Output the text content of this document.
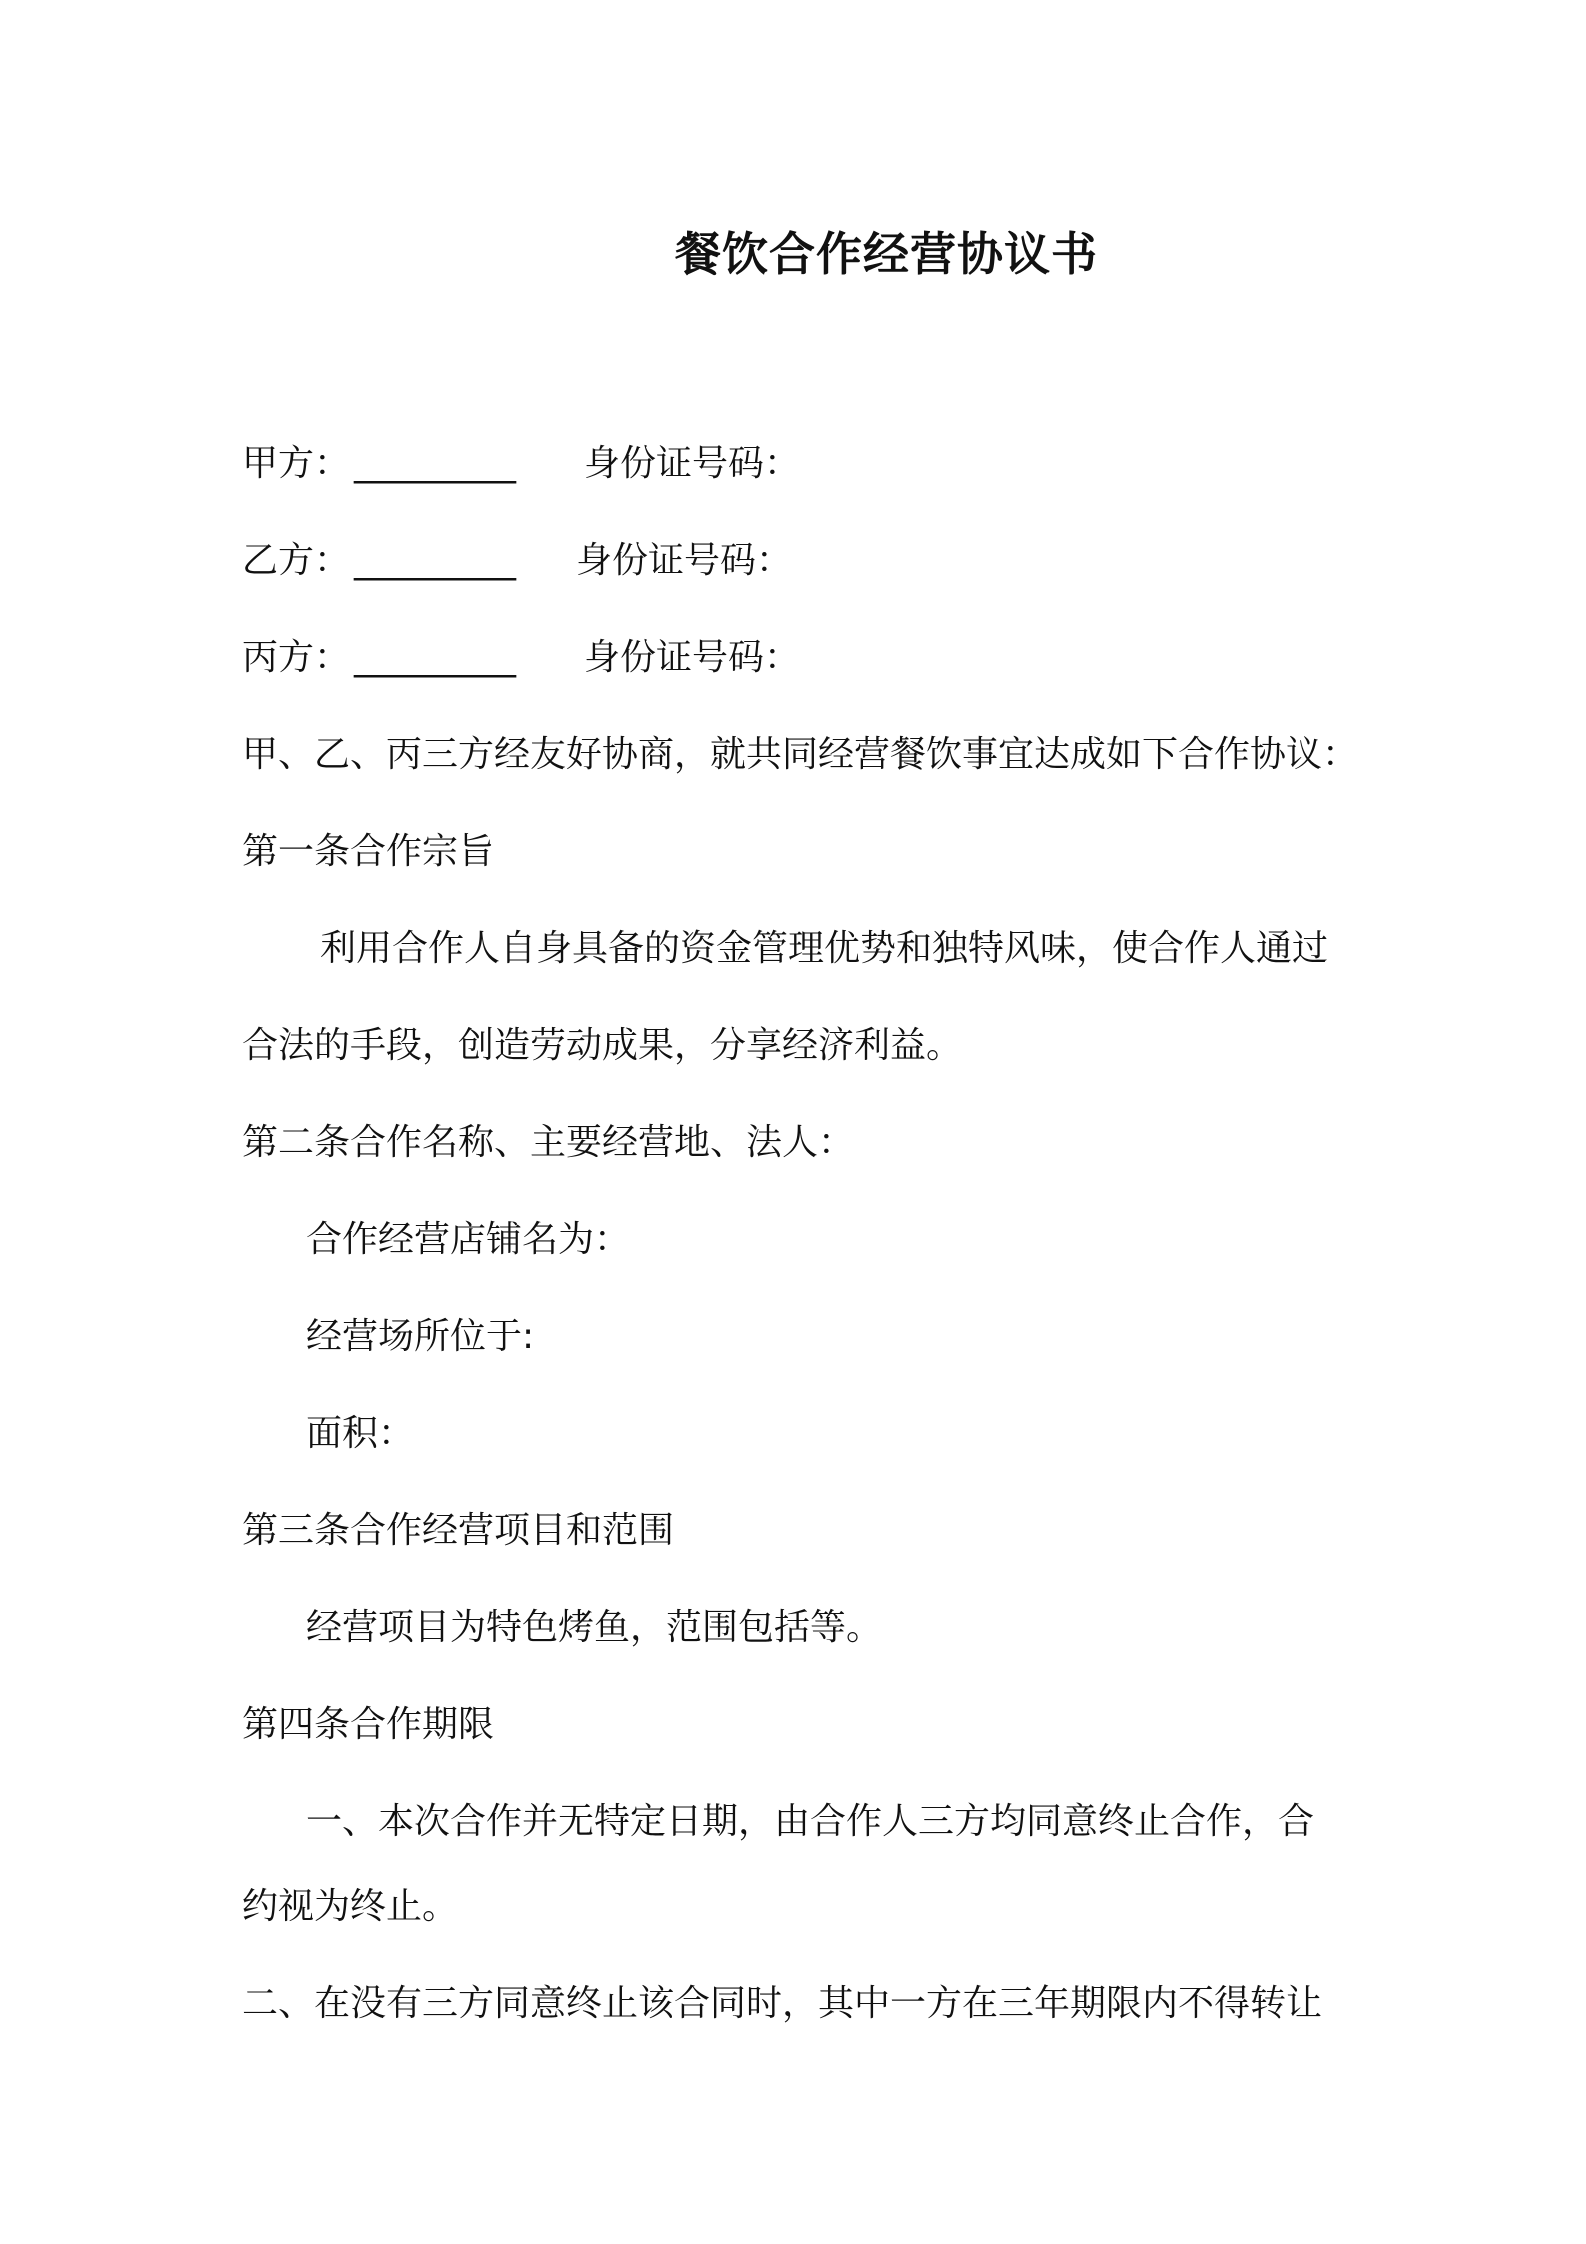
餐饮合作经营协议书
甲方： _________ 身份证号码：
乙方： _________ 身份证号码：
丙方： _________ 身份证号码：
甲、乙、丙三方经友好协商，就共同经营餐饮事宜达成如下合作协议：
第一条合作宗旨
利用合作人自身具备的资金管理优势和独特风味，使合作人通过
合法的手段，创造劳动成果，分享经济利益。
第二条合作名称、主要经营地、法人：
合作经营店铺名为：
经营场所位于:
面积：
第三条合作经营项目和范围
经营项目为特色烤鱼，范围包括等。
第四条合作期限
一、本次合作并无特定日期，由合作人三方均同意终止合作，合
约视为终止。
二、在没有三方同意终止该合同时，其中一方在三年期限内不得转让
